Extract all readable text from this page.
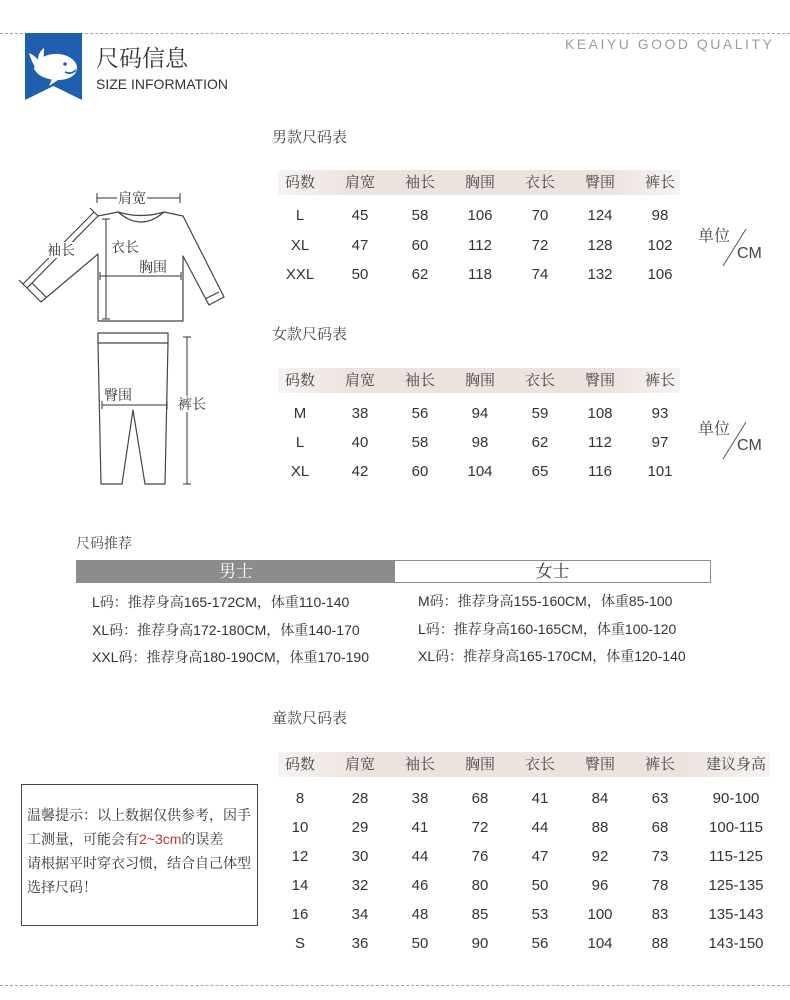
尺码信息
SIZE INFORMATION
KEAIYU GOOD QUALITY
肩宽
袖长	衣长
胸围
臀围
裤长
男款尺码表
码数	肩宽	袖长	胸围	衣长	臀围	裤长
L	45	58	106	70	124	98
XL	47	60	112	72	128	102
XXL	50	62	118	74	132	106
单位
CM
女款尺码表
码数	肩宽	袖长	胸围	衣长	臀围	裤长
M	38	56	94	59	108	93
L	40	58	98	62	112	97
XL	42	60	104	65	116	101
单位
CM
尺码推荐
男士	女士
L码：推荐身高165-172CM，体重110-140
XL码：推荐身高172-180CM，体重140-170
XXL码：推荐身高180-190CM，体重170-190
M码：推荐身高155-160CM，体重85-100
L码：推荐身高160-165CM，体重100-120
XL码：推荐身高165-170CM，体重120-140
童款尺码表
码数	肩宽	袖长	胸围	衣长	臀围	裤长	建议身高
8	28	38	68	41	84	63	90-100
10	29	41	72	44	88	68	100-115
12	30	44	76	47	92	73	115-125
14	32	46	80	50	96	78	125-135
16	34	48	85	53	100	83	135-143
S	36	50	90	56	104	88	143-150
温馨提示：以上数据仅供参考，因手
工测量，可能会有2~3cm的误差
请根据平时穿衣习惯，结合自己体型
选择尺码！
